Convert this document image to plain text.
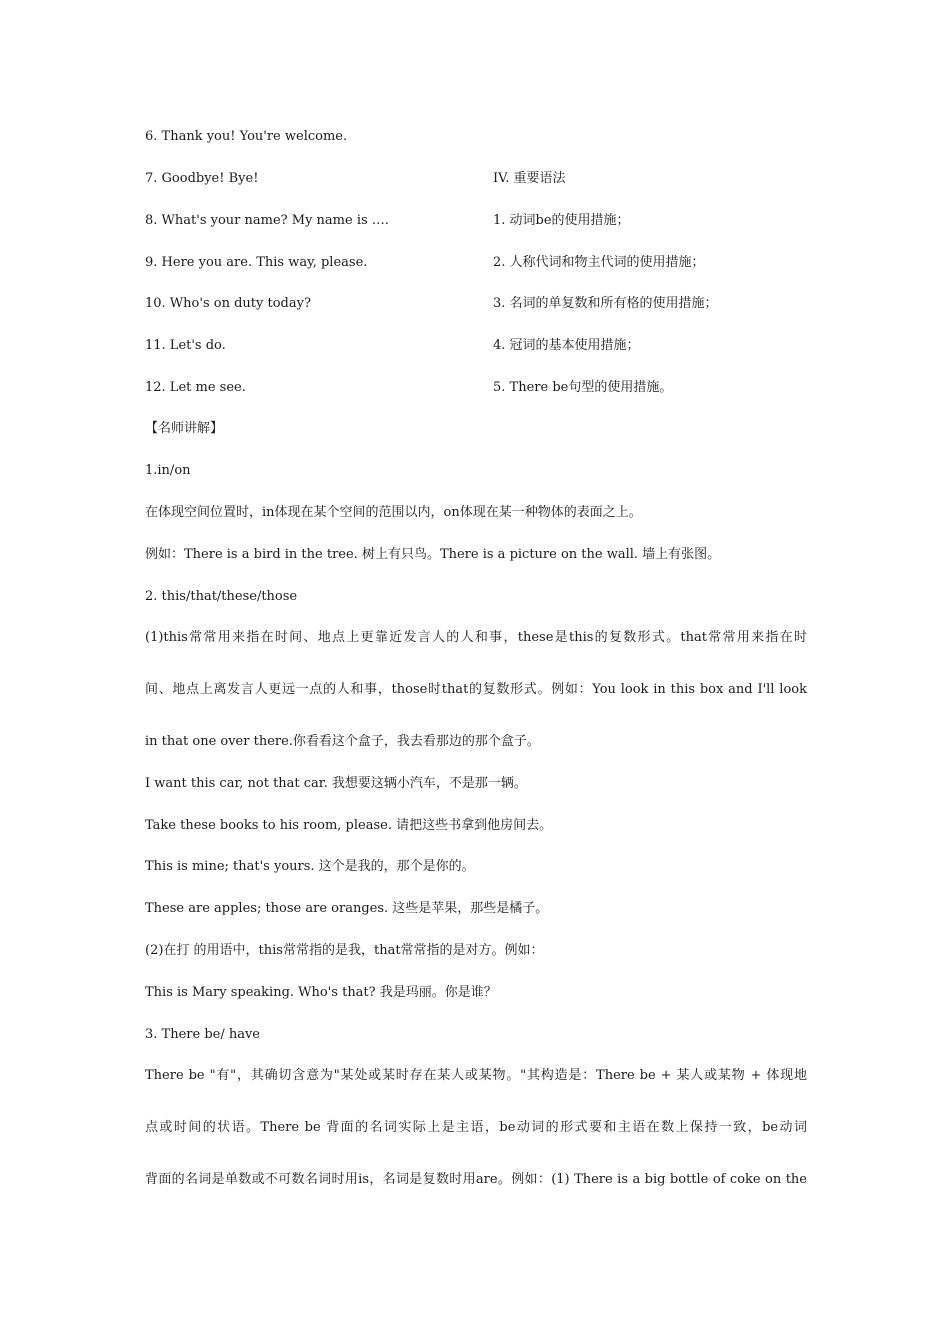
6. Thank you! You're welcome.
7. Goodbye! Bye!
8. What's your name? My name is ….
9. Here you are. This way, please.
10. Who's on duty today?
11. Let's do.
12. Let me see.
IV. 重要语法
1. 动词be的使用措施；
2. 人称代词和物主代词的使用措施；
3. 名词的单复数和所有格的使用措施；
4. 冠词的基本使用措施；
5. There be句型的使用措施。
【名师讲解】
1.in/on
在体现空间位置时，in体现在某个空间的范围以内，on体现在某一种物体的表面之上。
例如：There is a bird in the tree. 树上有只鸟。There is a picture on the wall. 墙上有张图。
2. this/that/these/those
(1)this常常用来指在时间、地点上更靠近发言人的人和事，these是this的复数形式。that常常用来指在时
间、地点上离发言人更远一点的人和事，those时that的复数形式。例如：You look in this box and I'll look
in that one over there.你看看这个盒子，我去看那边的那个盒子。
I want this car, not that car. 我想要这辆小汽车，不是那一辆。
Take these books to his room, please. 请把这些书拿到他房间去。
This is mine; that's yours. 这个是我的，那个是你的。
These are apples; those are oranges. 这些是苹果，那些是橘子。
(2)在打 的用语中，this常常指的是我，that常常指的是对方。例如：
This is Mary speaking. Who's that? 我是玛丽。你是谁？
3. There be/ have
There be "有"，其确切含意为"某处或某时存在某人或某物。"其构造是：There be + 某人或某物 + 体现地
点或时间的状语。There be 背面的名词实际上是主语，be动词的形式要和主语在数上保持一致，be动词
背面的名词是单数或不可数名词时用is，名词是复数时用are。例如：(1) There is a big bottle of coke on the
